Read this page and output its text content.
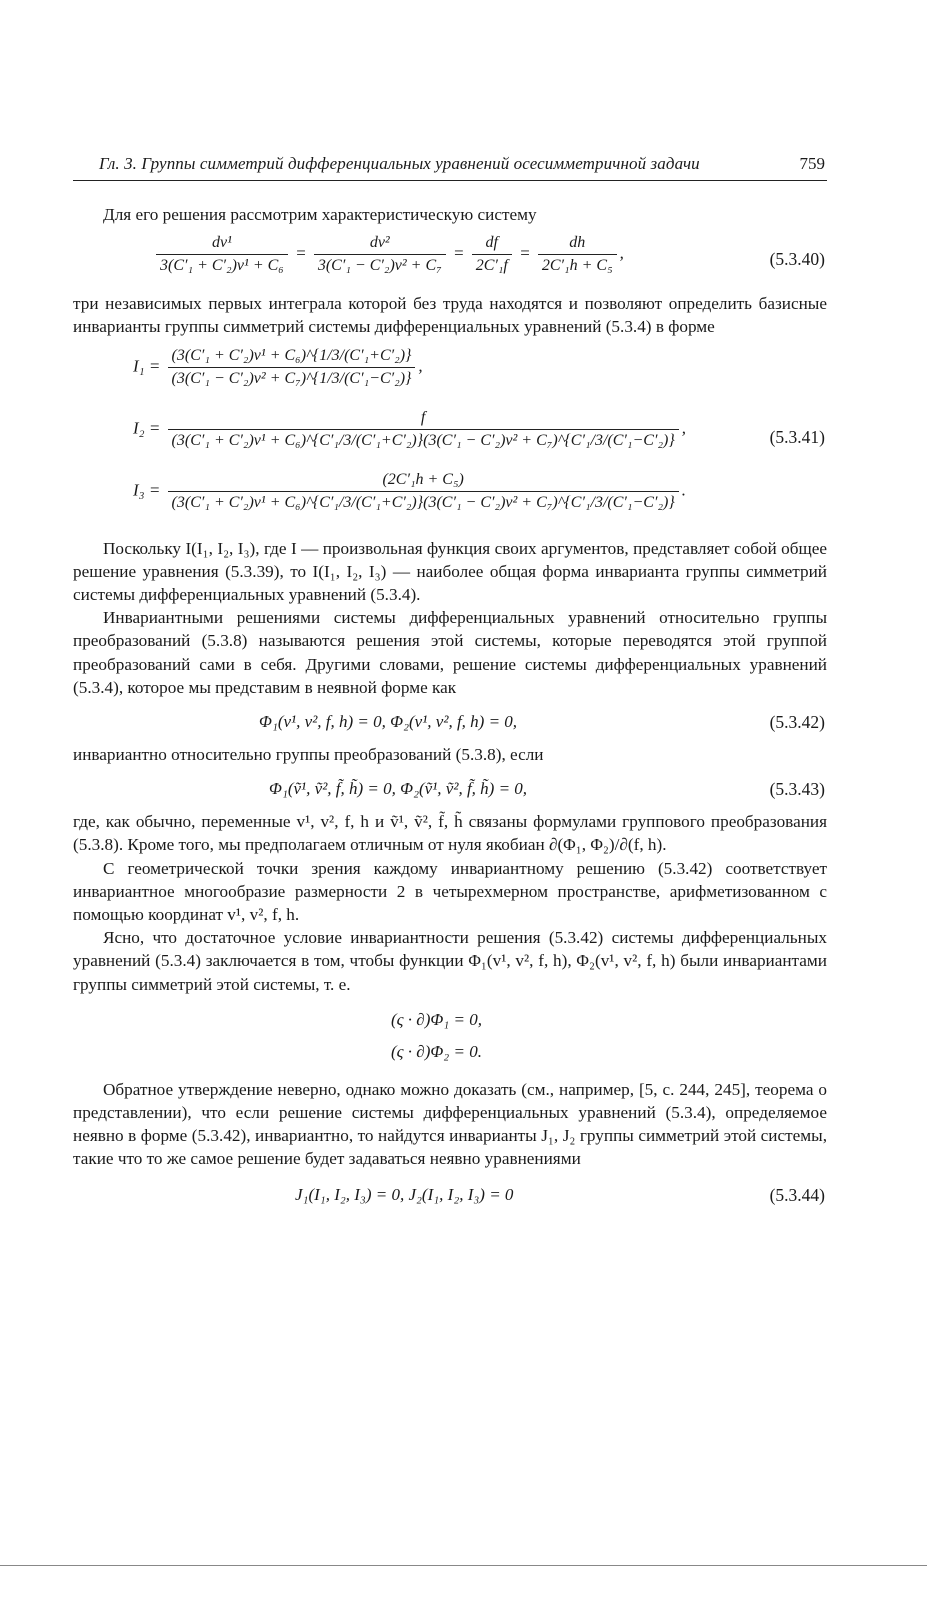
Гл. 3. Группы симметрий дифференциальных уравнений осесимметричной задачи	759

Для его решения рассмотрим характеристическую систему

$\frac{\text{dv¹}}{\text{3(C′₁ + C′₂)v¹ + C₆}} = \frac{\text{dv²}}{\text{3(C′₁ − C′₂)v² + C₇}} = \frac{df}{\text{2C′₁f}} = \frac{dh}{\text{2C′₁h + C₅}}$ ,	(5.3.40)

три независимых первых интеграла которой без труда находятся и позволяют определить базисные инварианты группы симметрий системы дифференциальных уравнений (5.3.4) в форме

$I_1 = \frac{\text{(3(C′₁ + C′₂)v¹ + C₆)\textasciicircum{}\{1/3/(C′₁+C′₂)\}}}{\text{(3(C′₁ − C′₂)v² + C₇)\textasciicircum{}\{1/3/(C′₁−C′₂)\}}}$ ,
I₂ =
f
(3(C′₁ + C′₂)v¹ + C₆)^{C′₁/3/(C′₁+C′₂)}(3(C′₁ − C′₂)v² + C₇)^{C′₁/3/(C′₁−C′₂)}
,
I₃ =
(2C′₁h + C₅)
(3(C′₁ + C′₂)v¹ + C₆)^{C′₁/3/(C′₁+C′₂)}(3(C′₁ − C′₂)v² + C₇)^{C′₁/3/(C′₁−C′₂)}
.
(5.3.41)

Поскольку I(I₁, I₂, I₃), где I — произвольная функция своих аргументов, представляет собой общее решение уравнения (5.3.39), то I(I₁, I₂, I₃) — наиболее общая форма инварианта группы симметрий системы дифференциальных уравнений (5.3.4).

Инвариантными решениями системы дифференциальных уравнений относительно группы преобразований (5.3.8) называются решения этой системы, которые переводятся этой группой преобразований сами в себя. Другими словами, решение системы дифференциальных уравнений (5.3.4), которое мы представим в неявной форме как

Φ₁(v¹, v², f, h) = 0, Φ₂(v¹, v², f, h) = 0,	(5.3.42)

инвариантно относительно группы преобразований (5.3.8), если

Φ₁(ṽ¹, ṽ², f̃, h̃) = 0, Φ₂(ṽ¹, ṽ², f̃, h̃) = 0,	(5.3.43)

где, как обычно, переменные v¹, v², f, h и ṽ¹, ṽ², f̃, h̃ связаны формулами группового преобразования (5.3.8). Кроме того, мы предполагаем отличным от нуля якобиан ∂(Φ₁, Φ₂)/∂(f, h).

С геометрической точки зрения каждому инвариантному решению (5.3.42) соответствует инвариантное многообразие размерности 2 в четырехмерном пространстве, арифметизованном с помощью координат v¹, v², f, h.

Ясно, что достаточное условие инвариантности решения (5.3.42) системы дифференциальных уравнений (5.3.4) заключается в том, чтобы функции Φ₁(v¹, v², f, h), Φ₂(v¹, v², f, h) были инвариантами группы симметрий этой системы, т. е.

(ς · ∂)Φ₁ = 0,
(ς · ∂)Φ₂ = 0.

Обратное утверждение неверно, однако можно доказать (см., например, [5, с. 244, 245], теорема о представлении), что если решение системы дифференциальных уравнений (5.3.4), определяемое неявно в форме (5.3.42), инвариантно, то найдутся инварианты J₁, J₂ группы симметрий этой системы, такие что то же самое решение будет задаваться неявно уравнениями

J₁(I₁, I₂, I₃) = 0, J₂(I₁, I₂, I₃) = 0	(5.3.44)
